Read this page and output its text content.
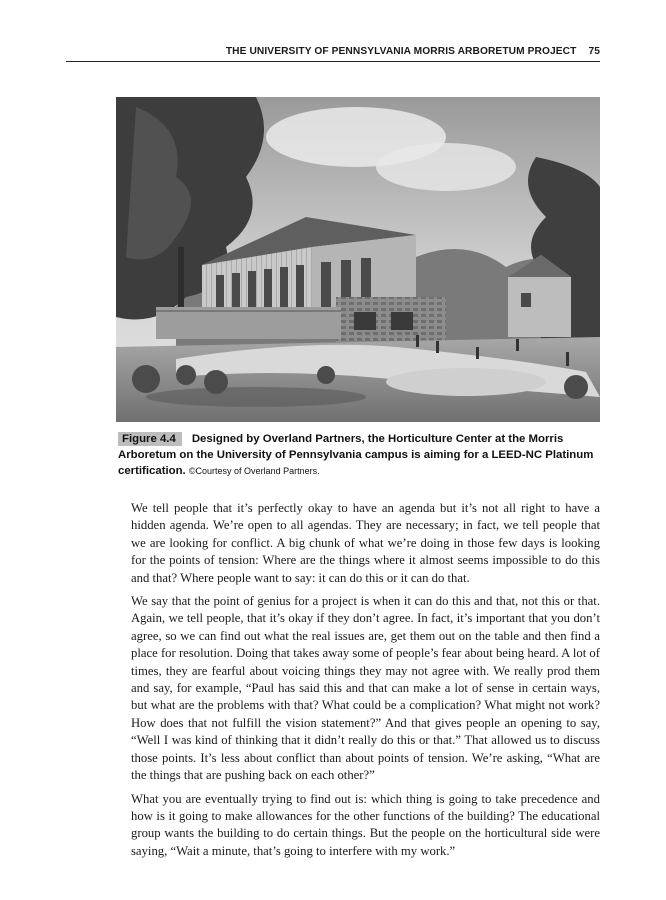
THE UNIVERSITY OF PENNSYLVANIA MORRIS ARBORETUM PROJECT 75
Figure 4.4 Designed by Overland Partners, the Horticulture Center at the Morris Arboretum on the University of Pennsylvania campus is aiming for a LEED-NC Platinum certification. ©Courtesy of Overland Partners.

We tell people that it’s perfectly okay to have an agenda but it’s not all right to have a hidden agenda. We’re open to all agendas. They are necessary; in fact, we tell people that we are looking for conflict. A big chunk of what we’re doing in those few days is looking for the points of tension: Where are the things where it almost seems impossible to do this and that? Where people want to say: it can do this or it can do that.

We say that the point of genius for a project is when it can do this and that, not this or that. Again, we tell people, that it’s okay if they don’t agree. In fact, it’s important that you don’t agree, so we can find out what the real issues are, get them out on the table and then find a place for resolution. Doing that takes away some of people’s fear about being heard. A lot of times, they are fearful about voicing things they may not agree with. We really prod them and say, for example, “Paul has said this and that can make a lot of sense in certain ways, but what are the problems with that? What could be a complication? What might not work? How does that not fulfill the vision statement?” And that gives people an opening to say, “Well I was kind of thinking that it didn’t really do this or that.” That allowed us to discuss those points. It’s less about conflict than about points of tension. We’re asking, “What are the things that are pushing back on each other?”

What you are eventually trying to find out is: which thing is going to take precedence and how is it going to make allowances for the other functions of the building? The educational group wants the building to do certain things. But the people on the horticultural side were saying, “Wait a minute, that’s going to interfere with my work.”
